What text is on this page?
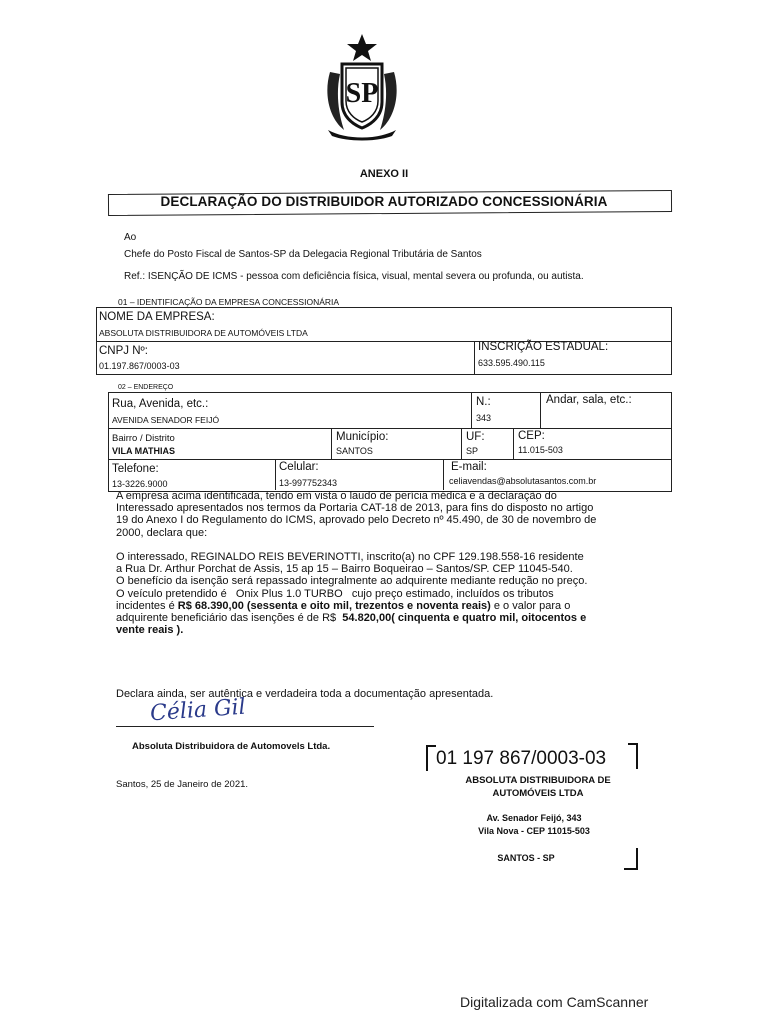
SP
ANEXO II
DECLARAÇÃO DO DISTRIBUIDOR AUTORIZADO CONCESSIONÁRIA
Ao
Chefe do Posto Fiscal de Santos-SP da Delegacia Regional Tributária de Santos
Ref.: ISENÇÃO DE ICMS - pessoa com deficiência física, visual, mental severa ou profunda, ou autista.
01 – IDENTIFICAÇÃO DA EMPRESA CONCESSIONÁRIA
NOME DA EMPRESA:
ABSOLUTA DISTRIBUIDORA DE AUTOMÓVEIS LTDA
CNPJ Nº:
01.197.867/0003-03
INSCRIÇÃO ESTADUAL:
633.595.490.115
02 – ENDEREÇO
Rua, Avenida, etc.:
AVENIDA SENADOR FEIJÓ
N.:
343
Andar, sala, etc.:
Bairro / Distrito
VILA MATHIAS
Município:
SANTOS
UF:
SP
CEP:
11.015-503
Telefone:
13-3226.9000
Celular:
13-997752343
E-mail:
celiavendas@absolutasantos.com.br
A empresa acima identificada, tendo em vista o laudo de perícia médica e a declaração do
Interessado apresentados nos termos da Portaria CAT-18 de 2013, para fins do disposto no artigo
19 do Anexo I do Regulamento do ICMS, aprovado pelo Decreto nº 45.490, de 30 de novembro de
2000, declara que:
O interessado, REGINALDO REIS BEVERINOTTI, inscrito(a) no CPF 129.198.558-16 residente
a Rua Dr. Arthur Porchat de Assis, 15 ap 15 – Bairro Boqueirao – Santos/SP. CEP 11045-540.
O benefício da isenção será repassado integralmente ao adquirente mediante redução no preço.
O veículo pretendido é Onix Plus 1.0 TURBO cujo preço estimado, incluídos os tributos
incidentes é R$ 68.390,00 (sessenta e oito mil, trezentos e noventa reais) e o valor para o
adquirente beneficiário das isenções é de R$ 54.820,00( cinquenta e quatro mil, oitocentos e
vente reais ).
Declara ainda, ser autêntica e verdadeira toda a documentação apresentada.
Célia Gil
Absoluta Distribuidora de Automovels Ltda.
Santos, 25 de Janeiro de 2021.
01 197 867/0003-03
ABSOLUTA DISTRIBUIDORA DE
AUTOMÓVEIS LTDA
Av. Senador Feijó, 343
Vila Nova - CEP 11015-503
SANTOS - SP
Digitalizada com CamScanner
